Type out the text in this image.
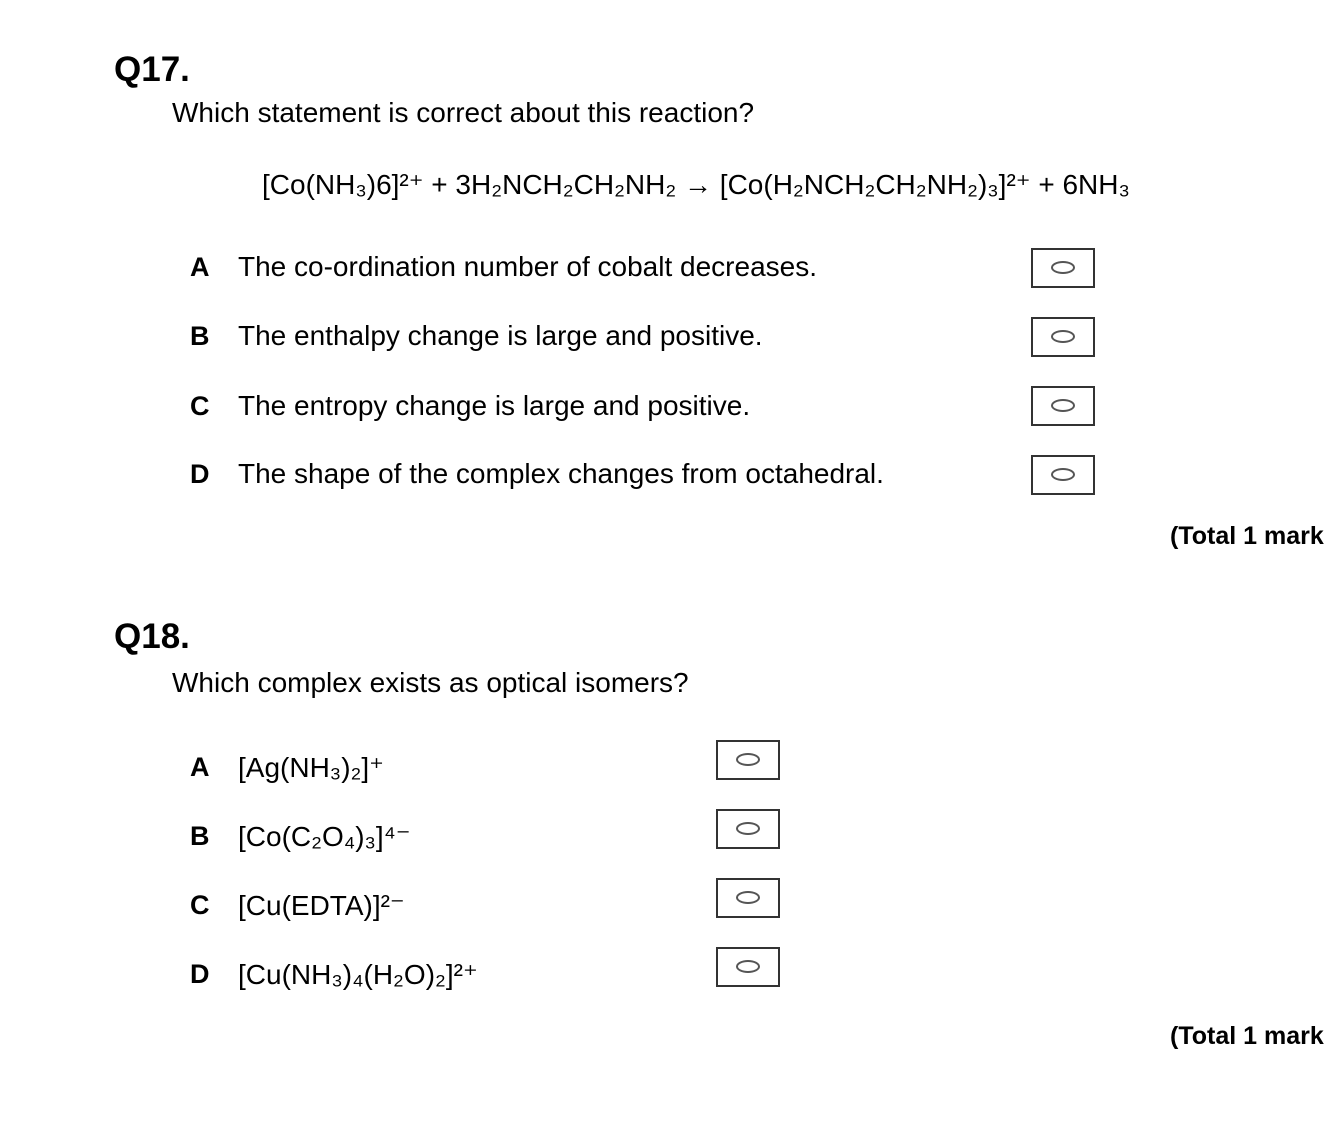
Q17.
Which statement is correct about this reaction?
[Co(NH₃)6]²⁺ + 3H₂NCH₂CH₂NH₂ → [Co(H₂NCH₂CH₂NH₂)₃]²⁺ + 6NH₃
A	The co-ordination number of cobalt decreases.
B	The enthalpy change is large and positive.
C	The entropy change is large and positive.
D	The shape of the complex changes from octahedral.
(Total 1 mark
Q18.
Which complex exists as optical isomers?
A	[Ag(NH₃)₂]⁺
B	[Co(C₂O₄)₃]⁴⁻
C	[Cu(EDTA)]²⁻
D	[Cu(NH₃)₄(H₂O)₂]²⁺
(Total 1 mark
